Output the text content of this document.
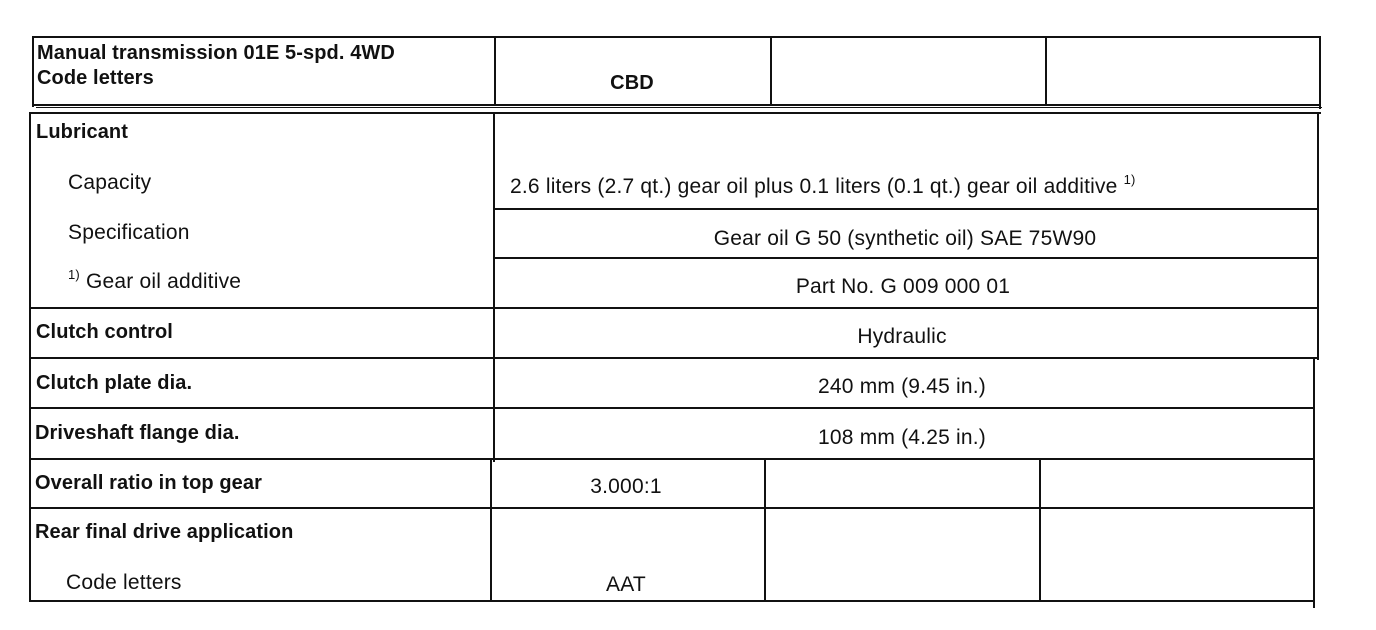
Manual transmission 01E 5-spd. 4WD
Code letters	CBD
Lubricant
Capacity	2.6 liters (2.7 qt.) gear oil plus 0.1 liters (0.1 qt.) gear oil additive $^{1)}$
Specification	Gear oil G 50 (synthetic oil) SAE 75W90
$^{1)}$ Gear oil additive	Part No. G 009 000 01
Clutch control	Hydraulic
Clutch plate dia.	240 mm (9.45 in.)
Driveshaft flange dia.	108 mm (4.25 in.)
Overall ratio in top gear	3.000:1
Rear final drive application
Code letters	AAT
